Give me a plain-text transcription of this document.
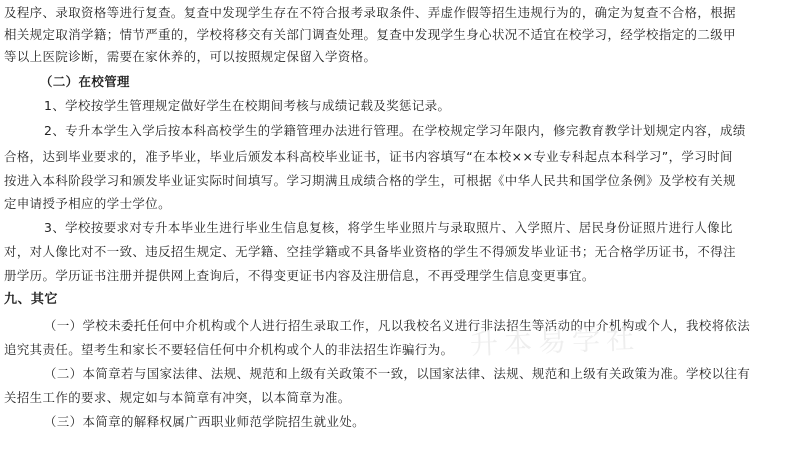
及程序、录取资格等进行复查。复查中发现学生存在不符合报考录取条件、弄虚作假等招生违规行为的，确定为复查不合格，根据
相关规定取消学籍；情节严重的，学校将移交有关部门调查处理。复查中发现学生身心状况不适宜在校学习，经学校指定的二级甲
等以上医院诊断，需要在家休养的，可以按照规定保留入学资格。
（二）在校管理
1、学校按学生管理规定做好学生在校期间考核与成绩记载及奖惩记录。
2、专升本学生入学后按本科高校学生的学籍管理办法进行管理。在学校规定学习年限内，修完教育教学计划规定内容，成绩
合格，达到毕业要求的，准予毕业，毕业后颁发本科高校毕业证书，证书内容填写“在本校××专业专科起点本科学习”，学习时间
按进入本科阶段学习和颁发毕业证实际时间填写。学习期满且成绩合格的学生，可根据《中华人民共和国学位条例》及学校有关规
定申请授予相应的学士学位。
3、学校按要求对专升本毕业生进行毕业生信息复核，将学生毕业照片与录取照片、入学照片、居民身份证照片进行人像比
对，对人像比对不一致、违反招生规定、无学籍、空挂学籍或不具备毕业资格的学生不得颁发毕业证书；无合格学历证书，不得注
册学历。学历证书注册并提供网上查询后，不得变更证书内容及注册信息，不再受理学生信息变更事宜。
九、其它
（一）学校未委托任何中介机构或个人进行招生录取工作，凡以我校名义进行非法招生等活动的中介机构或个人，我校将依法
追究其责任。望考生和家长不要轻信任何中介机构或个人的非法招生诈骗行为。
（二）本简章若与国家法律、法规、规范和上级有关政策不一致，以国家法律、法规、规范和上级有关政策为准。学校以往有
关招生工作的要求、规定如与本简章有冲突，以本简章为准。
（三）本简章的解释权属广西职业师范学院招生就业处。
升本易学社
